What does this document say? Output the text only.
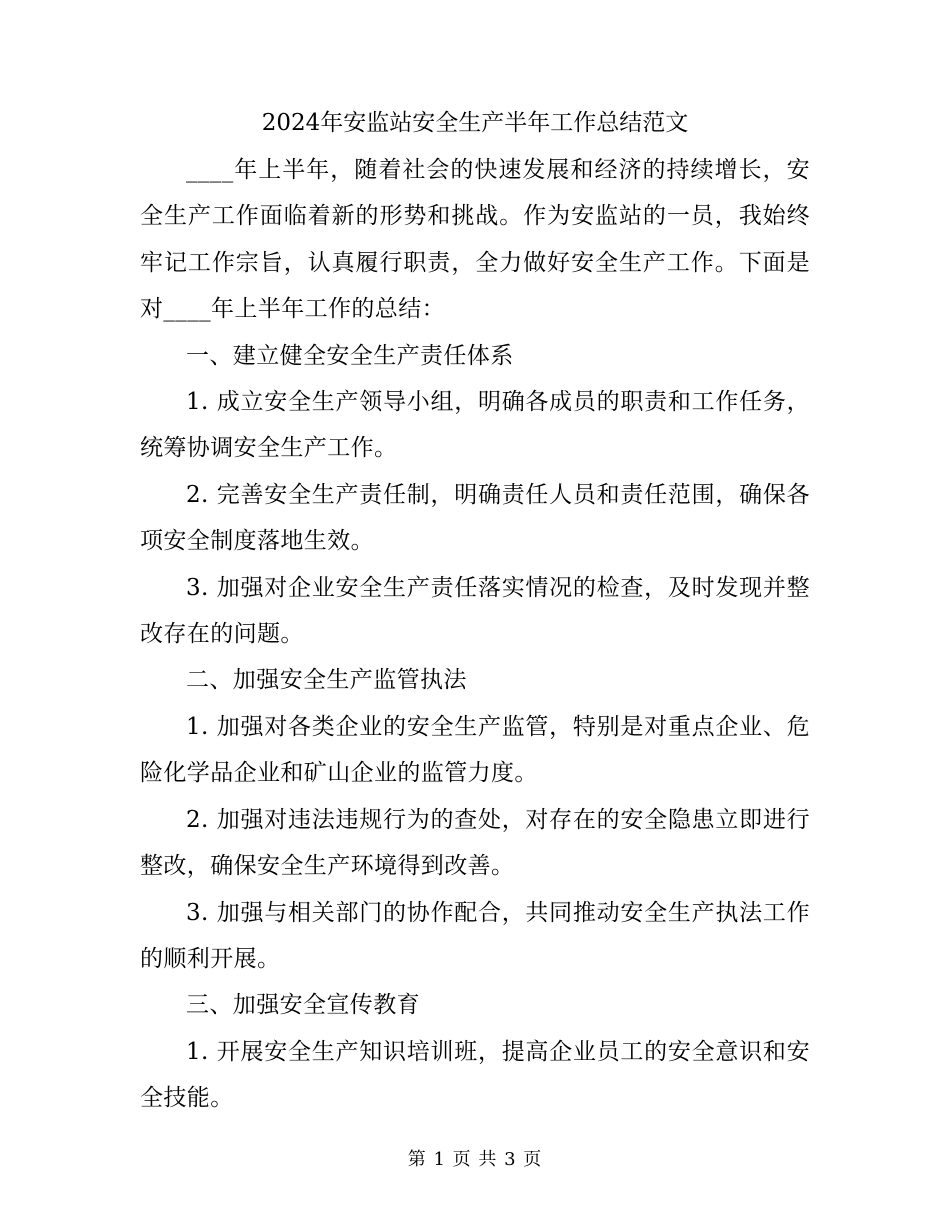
2024年安监站安全生产半年工作总结范文

____年上半年，随着社会的快速发展和经济的持续增长，安全生产工作面临着新的形势和挑战。作为安监站的一员，我始终牢记工作宗旨，认真履行职责，全力做好安全生产工作。下面是对____年上半年工作的总结：

一、建立健全安全生产责任体系

1. 成立安全生产领导小组，明确各成员的职责和工作任务，统筹协调安全生产工作。

2. 完善安全生产责任制，明确责任人员和责任范围，确保各项安全制度落地生效。

3. 加强对企业安全生产责任落实情况的检查，及时发现并整改存在的问题。

二、加强安全生产监管执法

1. 加强对各类企业的安全生产监管，特别是对重点企业、危险化学品企业和矿山企业的监管力度。

2. 加强对违法违规行为的查处，对存在的安全隐患立即进行整改，确保安全生产环境得到改善。

3. 加强与相关部门的协作配合，共同推动安全生产执法工作的顺利开展。

三、加强安全宣传教育

1. 开展安全生产知识培训班，提高企业员工的安全意识和安全技能。

第 1 页 共 3 页
